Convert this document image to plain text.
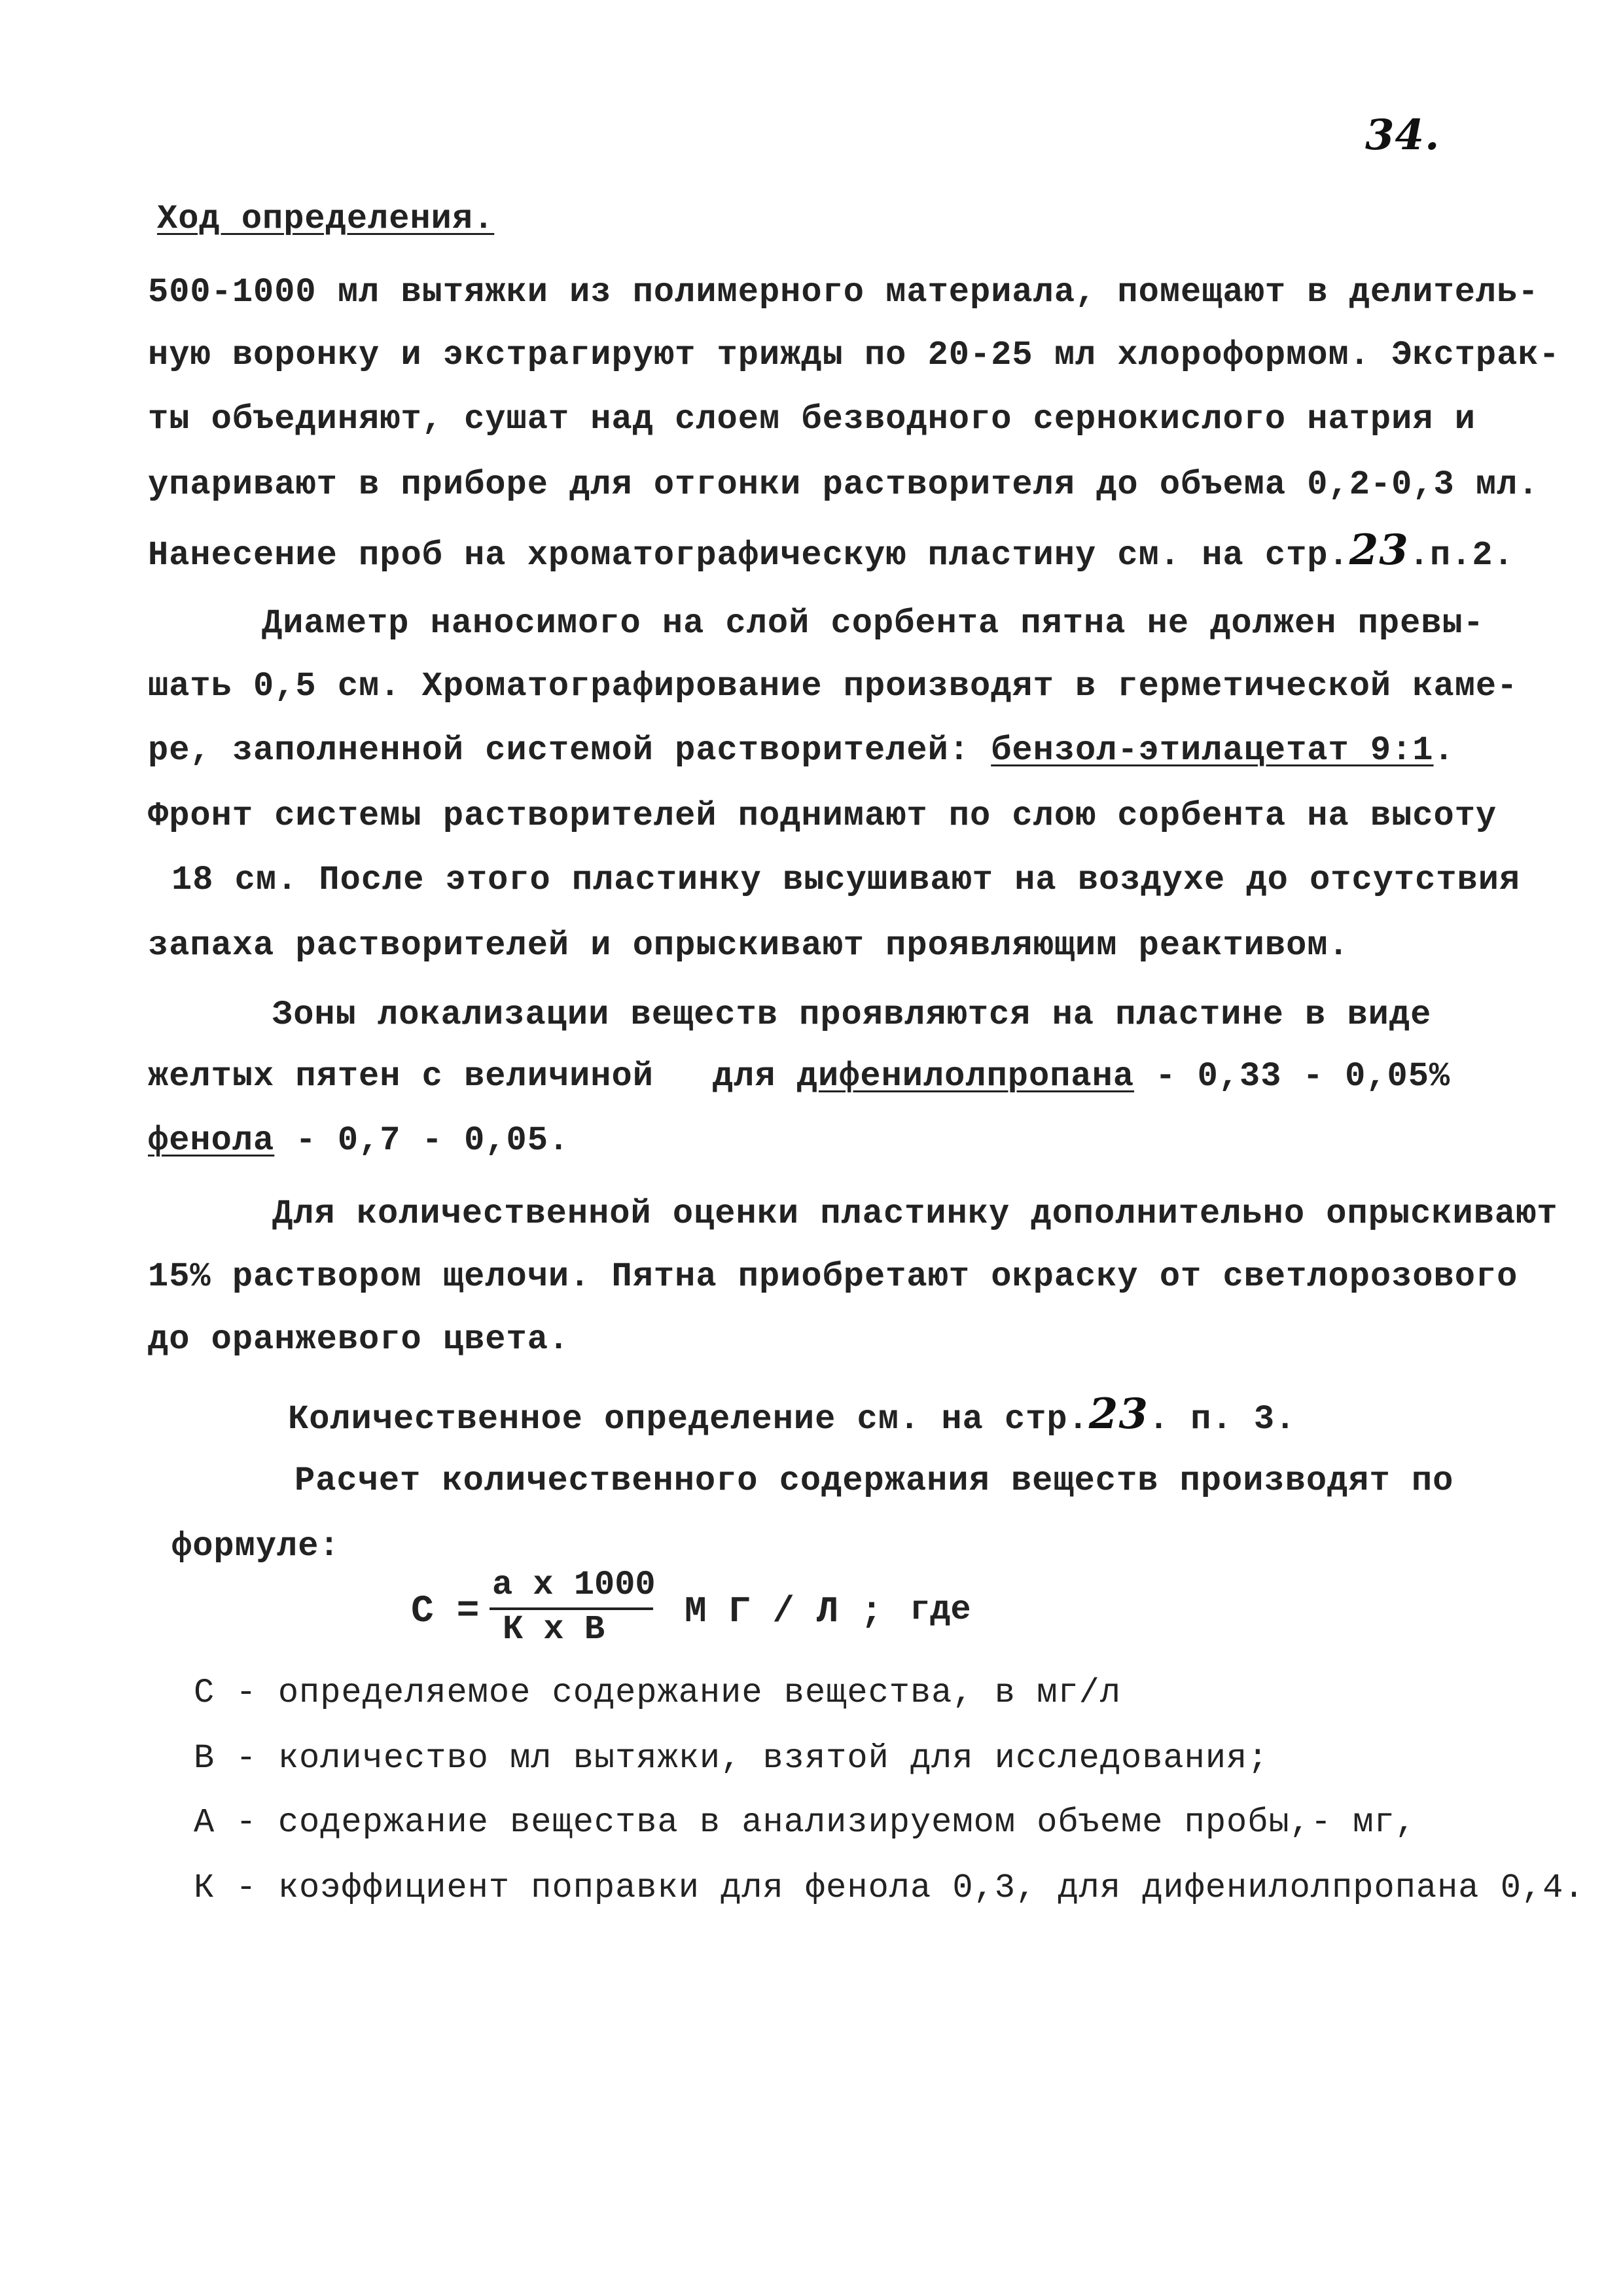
34.
Ход определения.
500-1000 мл вытяжки из полимерного материала, помещают в делитель-
ную воронку и экстрагируют трижды по 20-25 мл хлороформом. Экстрак-
ты объединяют, сушат над слоем безводного сернокислого натрия и
упаривают в приборе для отгонки растворителя до объема 0,2-0,3 мл.
Нанесение проб на хроматографическую пластину см. на стр.23.п.2.
Диаметр наносимого на слой сорбента пятна не должен превы-
шать 0,5 см. Хроматографирование производят в герметической каме-
ре, заполненной системой растворителей: бензол-этилацетат 9:1.
Фронт системы растворителей поднимают по слою сорбента на высоту
18 см. После этого пластинку высушивают на воздухе до отсутствия
запаха растворителей и опрыскивают проявляющим реактивом.
Зоны локализации веществ проявляются на пластине в виде
желтых пятен с величиной для дифенилолпропана - 0,33 - 0,05%
фенола - 0,7 - 0,05.
Для количественной оценки пластинку дополнительно опрыскивают
15% раствором щелочи. Пятна приобретают окраску от светлорозового
до оранжевого цвета.
Количественное определение см. на стр.23. п. 3.
Расчет количественного содержания веществ производят по
формуле:
С =
а х 1000
К х В М Г / Л ; где
С - определяемое содержание вещества, в мг/л
В - количество мл вытяжки, взятой для исследования;
А - содержание вещества в анализируемом объеме пробы,- мг,
К - коэффициент поправки для фенола 0,3, для дифенилолпропана 0,4.
